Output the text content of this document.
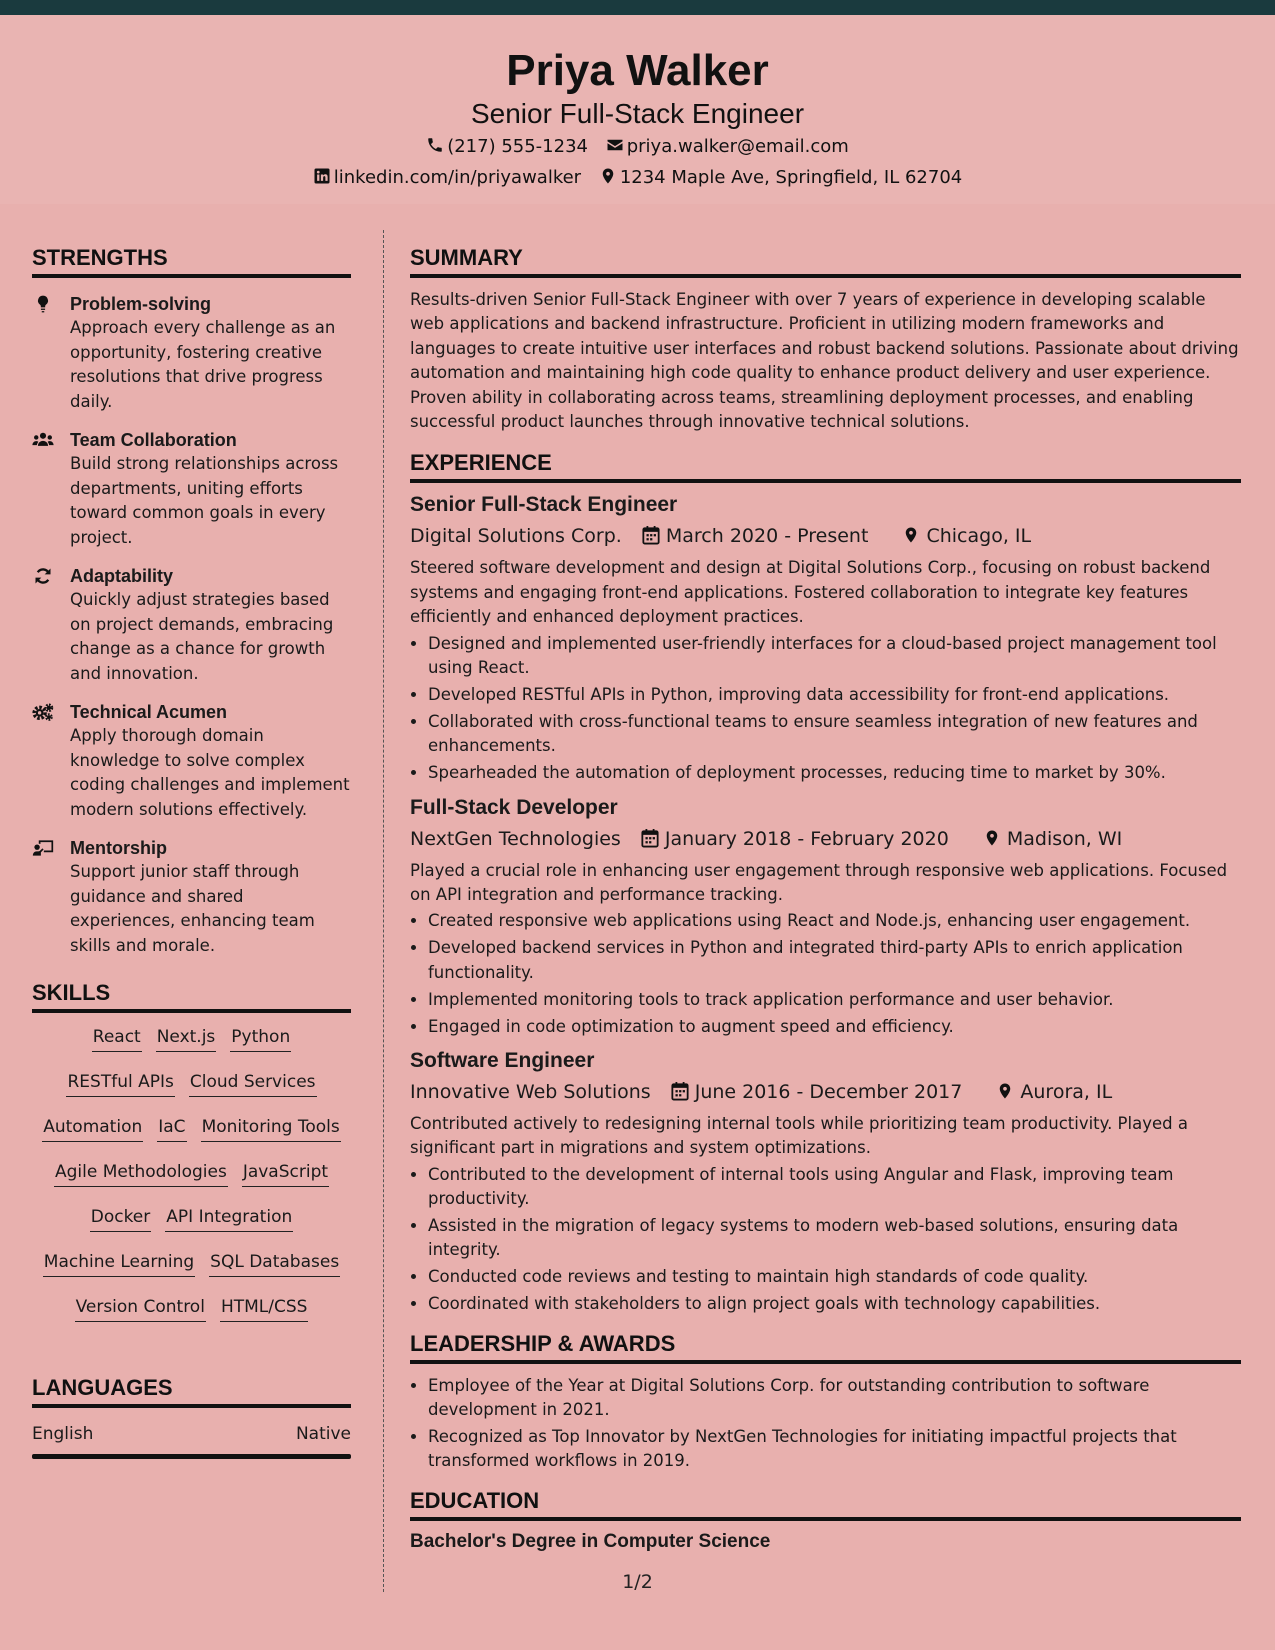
Priya Walker
Senior Full-Stack Engineer
(217) 555-1234 priya.walker@email.com
linkedin.com/in/priyawalker 1234 Maple Ave, Springfield, IL 62704
STRENGTHS
Problem-solving
Approach every challenge as an opportunity, fostering creative resolutions that drive progress daily.
Team Collaboration
Build strong relationships across departments, uniting efforts toward common goals in every project.
Adaptability
Quickly adjust strategies based on project demands, embracing change as a chance for growth and innovation.
Technical Acumen
Apply thorough domain knowledge to solve complex coding challenges and implement modern solutions effectively.
Mentorship
Support junior staff through guidance and shared experiences, enhancing team skills and morale.
SKILLS
React Next.js Python
RESTful APIs Cloud Services
Automation IaC Monitoring Tools
Agile Methodologies JavaScript
Docker API Integration
Machine Learning SQL Databases
Version Control HTML/CSS
LANGUAGES
English	Native
SUMMARY
Results-driven Senior Full-Stack Engineer with over 7 years of experience in developing scalable web applications and backend infrastructure. Proficient in utilizing modern frameworks and languages to create intuitive user interfaces and robust backend solutions. Passionate about driving automation and maintaining high code quality to enhance product delivery and user experience. Proven ability in collaborating across teams, streamlining deployment processes, and enabling successful product launches through innovative technical solutions.
EXPERIENCE
Senior Full-Stack Engineer
Digital Solutions Corp. March 2020 - Present	Chicago, IL
Steered software development and design at Digital Solutions Corp., focusing on robust backend systems and engaging front-end applications. Fostered collaboration to integrate key features efficiently and enhanced deployment practices.
• Designed and implemented user-friendly interfaces for a cloud-based project management tool using React.
• Developed RESTful APIs in Python, improving data accessibility for front-end applications.
• Collaborated with cross-functional teams to ensure seamless integration of new features and enhancements.
• Spearheaded the automation of deployment processes, reducing time to market by 30%.
Full-Stack Developer
NextGen Technologies January 2018 - February 2020	Madison, WI
Played a crucial role in enhancing user engagement through responsive web applications. Focused on API integration and performance tracking.
• Created responsive web applications using React and Node.js, enhancing user engagement.
• Developed backend services in Python and integrated third-party APIs to enrich application functionality.
• Implemented monitoring tools to track application performance and user behavior.
• Engaged in code optimization to augment speed and efficiency.
Software Engineer
Innovative Web Solutions June 2016 - December 2017	Aurora, IL
Contributed actively to redesigning internal tools while prioritizing team productivity. Played a significant part in migrations and system optimizations.
• Contributed to the development of internal tools using Angular and Flask, improving team productivity.
• Assisted in the migration of legacy systems to modern web-based solutions, ensuring data integrity.
• Conducted code reviews and testing to maintain high standards of code quality.
• Coordinated with stakeholders to align project goals with technology capabilities.
LEADERSHIP & AWARDS
• Employee of the Year at Digital Solutions Corp. for outstanding contribution to software development in 2021.
• Recognized as Top Innovator by NextGen Technologies for initiating impactful projects that transformed workflows in 2019.
EDUCATION
Bachelor's Degree in Computer Science
1/2
